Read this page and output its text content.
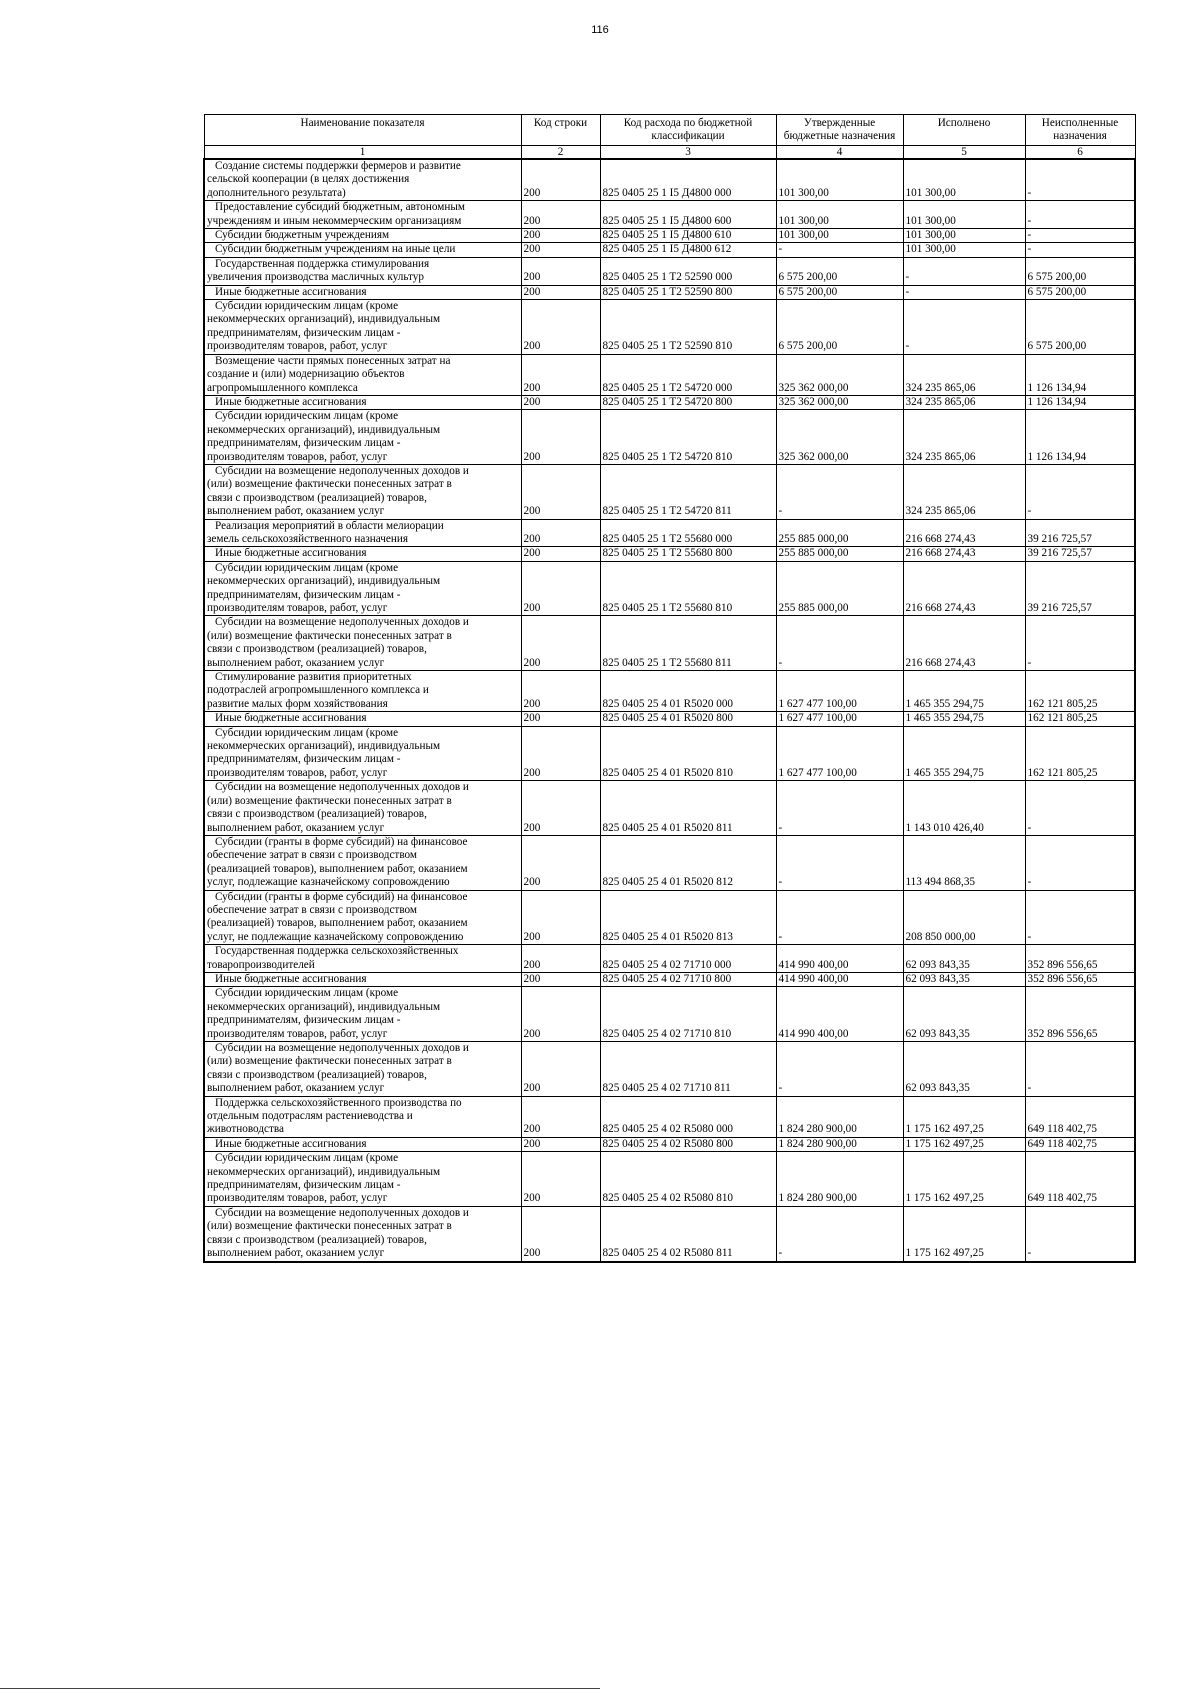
116
Наименование показателя	Код строки	Код расхода по бюджетной классификации	Утвержденные бюджетные назначения	Исполнено	Неисполненные назначения
1	2	3	4	5	6

Создание системы поддержки фермеров и развитие
сельской кооперации (в целях достижения
дополнительного результата)	200	825 0405 25 1 I5 Д4800 000	101 300,00	101 300,00	-

Предоставление субсидий бюджетным, автономным
учреждениям и иным некоммерческим организациям	200	825 0405 25 1 I5 Д4800 600	101 300,00	101 300,00	-

Субсидии бюджетным учреждениям	200	825 0405 25 1 I5 Д4800 610	101 300,00	101 300,00	-

Субсидии бюджетным учреждениям на иные цели	200	825 0405 25 1 I5 Д4800 612	-	101 300,00	-

Государственная поддержка стимулирования
увеличения производства масличных культур	200	825 0405 25 1 T2 52590 000	6 575 200,00	-	6 575 200,00

Иные бюджетные ассигнования	200	825 0405 25 1 T2 52590 800	6 575 200,00	-	6 575 200,00

Субсидии юридическим лицам (кроме
некоммерческих организаций), индивидуальным
предпринимателям, физическим лицам -
производителям товаров, работ, услуг	200	825 0405 25 1 T2 52590 810	6 575 200,00	-	6 575 200,00

Возмещение части прямых понесенных затрат на
создание и (или) модернизацию объектов
агропромышленного комплекса	200	825 0405 25 1 T2 54720 000	325 362 000,00	324 235 865,06	1 126 134,94

Иные бюджетные ассигнования	200	825 0405 25 1 T2 54720 800	325 362 000,00	324 235 865,06	1 126 134,94

Субсидии юридическим лицам (кроме
некоммерческих организаций), индивидуальным
предпринимателям, физическим лицам -
производителям товаров, работ, услуг	200	825 0405 25 1 T2 54720 810	325 362 000,00	324 235 865,06	1 126 134,94

Субсидии на возмещение недополученных доходов и
(или) возмещение фактически понесенных затрат в
связи с производством (реализацией) товаров,
выполнением работ, оказанием услуг	200	825 0405 25 1 T2 54720 811	-	324 235 865,06	-

Реализация мероприятий в области мелиорации
земель сельскохозяйственного назначения	200	825 0405 25 1 T2 55680 000	255 885 000,00	216 668 274,43	39 216 725,57

Иные бюджетные ассигнования	200	825 0405 25 1 T2 55680 800	255 885 000,00	216 668 274,43	39 216 725,57

Субсидии юридическим лицам (кроме
некоммерческих организаций), индивидуальным
предпринимателям, физическим лицам -
производителям товаров, работ, услуг	200	825 0405 25 1 T2 55680 810	255 885 000,00	216 668 274,43	39 216 725,57

Субсидии на возмещение недополученных доходов и
(или) возмещение фактически понесенных затрат в
связи с производством (реализацией) товаров,
выполнением работ, оказанием услуг	200	825 0405 25 1 T2 55680 811	-	216 668 274,43	-

Стимулирование развития приоритетных
подотраслей агропромышленного комплекса и
развитие малых форм хозяйствования	200	825 0405 25 4 01 R5020 000	1 627 477 100,00	1 465 355 294,75	162 121 805,25

Иные бюджетные ассигнования	200	825 0405 25 4 01 R5020 800	1 627 477 100,00	1 465 355 294,75	162 121 805,25

Субсидии юридическим лицам (кроме
некоммерческих организаций), индивидуальным
предпринимателям, физическим лицам -
производителям товаров, работ, услуг	200	825 0405 25 4 01 R5020 810	1 627 477 100,00	1 465 355 294,75	162 121 805,25

Субсидии на возмещение недополученных доходов и
(или) возмещение фактически понесенных затрат в
связи с производством (реализацией) товаров,
выполнением работ, оказанием услуг	200	825 0405 25 4 01 R5020 811	-	1 143 010 426,40	-

Субсидии (гранты в форме субсидий) на финансовое
обеспечение затрат в связи с производством
(реализацией товаров), выполнением работ, оказанием
услуг, подлежащие казначейскому сопровождению	200	825 0405 25 4 01 R5020 812	-	113 494 868,35	-

Субсидии (гранты в форме субсидий) на финансовое
обеспечение затрат в связи с производством
(реализацией) товаров, выполнением работ, оказанием
услуг, не подлежащие казначейскому сопровождению	200	825 0405 25 4 01 R5020 813	-	208 850 000,00	-

Государственная поддержка сельскохозяйственных
товаропроизводителей	200	825 0405 25 4 02 71710 000	414 990 400,00	62 093 843,35	352 896 556,65

Иные бюджетные ассигнования	200	825 0405 25 4 02 71710 800	414 990 400,00	62 093 843,35	352 896 556,65

Субсидии юридическим лицам (кроме
некоммерческих организаций), индивидуальным
предпринимателям, физическим лицам -
производителям товаров, работ, услуг	200	825 0405 25 4 02 71710 810	414 990 400,00	62 093 843,35	352 896 556,65

Субсидии на возмещение недополученных доходов и
(или) возмещение фактически понесенных затрат в
связи с производством (реализацией) товаров,
выполнением работ, оказанием услуг	200	825 0405 25 4 02 71710 811	-	62 093 843,35	-

Поддержка сельскохозяйственного производства по
отдельным подотраслям растениеводства и
животноводства	200	825 0405 25 4 02 R5080 000	1 824 280 900,00	1 175 162 497,25	649 118 402,75

Иные бюджетные ассигнования	200	825 0405 25 4 02 R5080 800	1 824 280 900,00	1 175 162 497,25	649 118 402,75

Субсидии юридическим лицам (кроме
некоммерческих организаций), индивидуальным
предпринимателям, физическим лицам -
производителям товаров, работ, услуг	200	825 0405 25 4 02 R5080 810	1 824 280 900,00	1 175 162 497,25	649 118 402,75

Субсидии на возмещение недополученных доходов и
(или) возмещение фактически понесенных затрат в
связи с производством (реализацией) товаров,
выполнением работ, оказанием услуг	200	825 0405 25 4 02 R5080 811	-	1 175 162 497,25	-
